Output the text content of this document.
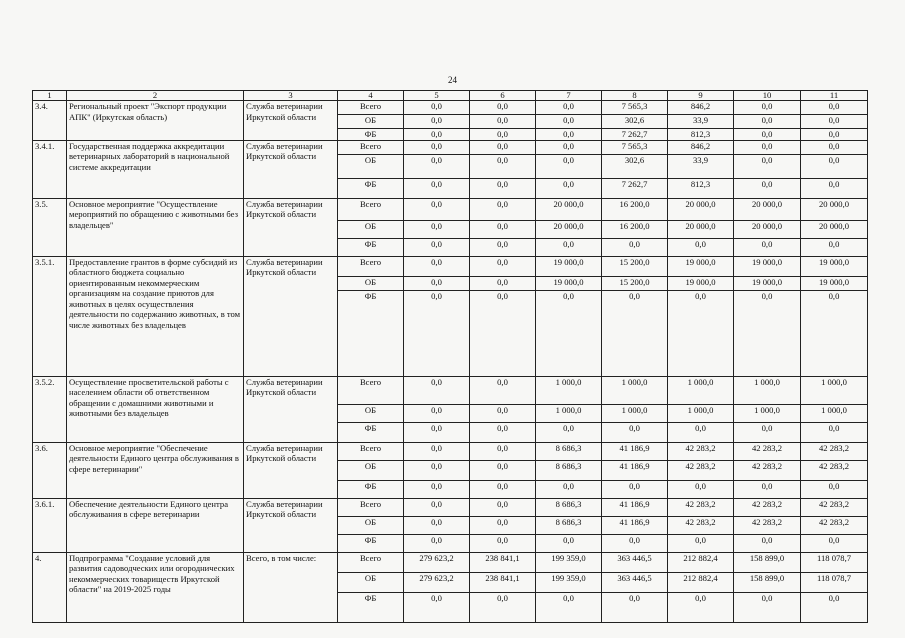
24
1	2	3	4	5	6	7	8	9	10	11
3.4.	Региональный проект "Экспорт продукции АПК" (Иркутская область)	Служба ветеринарии Иркутской области	Всего	0,0	0,0	0,0	7 565,3	846,2	0,0	0,0
			ОБ	0,0	0,0	0,0	302,6	33,9	0,0	0,0
			ФБ	0,0	0,0	0,0	7 262,7	812,3	0,0	0,0
3.4.1.	Государственная поддержка аккредитации ветеринарных лабораторий в национальной системе аккредитации	Служба ветеринарии Иркутской области	Всего	0,0	0,0	0,0	7 565,3	846,2	0,0	0,0
			ОБ	0,0	0,0	0,0	302,6	33,9	0,0	0,0
			ФБ	0,0	0,0	0,0	7 262,7	812,3	0,0	0,0
3.5.	Основное мероприятие "Осуществление мероприятий по обращению с животными без владельцев"	Служба ветеринарии Иркутской области	Всего	0,0	0,0	20 000,0	16 200,0	20 000,0	20 000,0	20 000,0
			ОБ	0,0	0,0	20 000,0	16 200,0	20 000,0	20 000,0	20 000,0
			ФБ	0,0	0,0	0,0	0,0	0,0	0,0	0,0
3.5.1.	Предоставление грантов в форме субсидий из областного бюджета социально ориентированным некоммерческим организациям на создание приютов для животных в целях осуществления деятельности по содержанию животных, в том числе животных без владельцев	Служба ветеринарии Иркутской области	Всего	0,0	0,0	19 000,0	15 200,0	19 000,0	19 000,0	19 000,0
			ОБ	0,0	0,0	19 000,0	15 200,0	19 000,0	19 000,0	19 000,0
			ФБ	0,0	0,0	0,0	0,0	0,0	0,0	0,0
3.5.2.	Осуществление просветительской работы с населением области об ответственном обращении с домашними животными и животными без владельцев	Служба ветеринарии Иркутской области	Всего	0,0	0,0	1 000,0	1 000,0	1 000,0	1 000,0	1 000,0
			ОБ	0,0	0,0	1 000,0	1 000,0	1 000,0	1 000,0	1 000,0
			ФБ	0,0	0,0	0,0	0,0	0,0	0,0	0,0
3.6.	Основное мероприятие "Обеспечение деятельности Единого центра обслуживания в сфере ветеринарии"	Служба ветеринарии Иркутской области	Всего	0,0	0,0	8 686,3	41 186,9	42 283,2	42 283,2	42 283,2
			ОБ	0,0	0,0	8 686,3	41 186,9	42 283,2	42 283,2	42 283,2
			ФБ	0,0	0,0	0,0	0,0	0,0	0,0	0,0
3.6.1.	Обеспечение деятельности Единого центра обслуживания в сфере ветеринарии	Служба ветеринарии Иркутской области	Всего	0,0	0,0	8 686,3	41 186,9	42 283,2	42 283,2	42 283,2
			ОБ	0,0	0,0	8 686,3	41 186,9	42 283,2	42 283,2	42 283,2
			ФБ	0,0	0,0	0,0	0,0	0,0	0,0	0,0
4.	Подпрограмма "Создание условий для развития садоводческих или огороднических некоммерческих товариществ Иркутской области" на 2019-2025 годы	Всего, в том числе:	Всего	279 623,2	238 841,1	199 359,0	363 446,5	212 882,4	158 899,0	118 078,7
			ОБ	279 623,2	238 841,1	199 359,0	363 446,5	212 882,4	158 899,0	118 078,7
			ФБ	0,0	0,0	0,0	0,0	0,0	0,0	0,0
